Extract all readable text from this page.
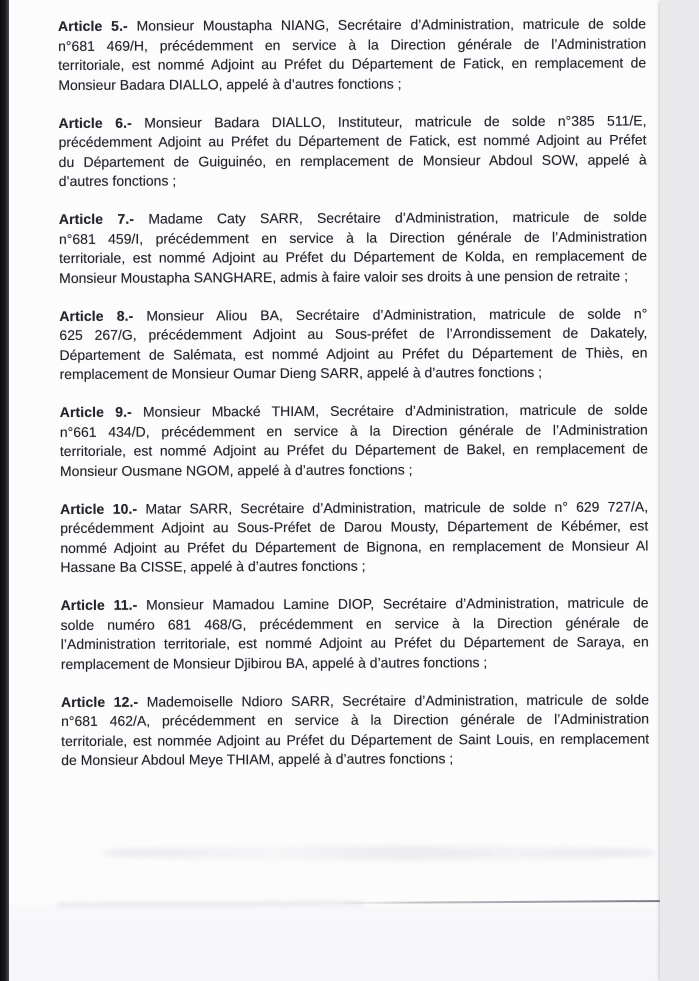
Article 5.- Monsieur Moustapha NIANG, Secrétaire d’Administration, matricule de solde
n°681 469/H, précédemment en service à la Direction générale de l’Administration
territoriale, est nommé Adjoint au Préfet du Département de Fatick, en remplacement de
Monsieur Badara DIALLO, appelé à d’autres fonctions ;

Article 6.- Monsieur Badara DIALLO, Instituteur, matricule de solde n°385 511/E,
précédemment Adjoint au Préfet du Département de Fatick, est nommé Adjoint au Préfet
du Département de Guiguinéo, en remplacement de Monsieur Abdoul SOW, appelé à
d’autres fonctions ;

Article 7.- Madame Caty SARR, Secrétaire d’Administration, matricule de solde
n°681 459/I, précédemment en service à la Direction générale de l’Administration
territoriale, est nommé Adjoint au Préfet du Département de Kolda, en remplacement de
Monsieur Moustapha SANGHARE, admis à faire valoir ses droits à une pension de retraite ;

Article 8.- Monsieur Aliou BA, Secrétaire d’Administration, matricule de solde n°
625 267/G, précédemment Adjoint au Sous-préfet de l’Arrondissement de Dakately,
Département de Salémata, est nommé Adjoint au Préfet du Département de Thiès, en
remplacement de Monsieur Oumar Dieng SARR, appelé à d’autres fonctions ;

Article 9.- Monsieur Mbacké THIAM, Secrétaire d’Administration, matricule de solde
n°661 434/D, précédemment en service à la Direction générale de l’Administration
territoriale, est nommé Adjoint au Préfet du Département de Bakel, en remplacement de
Monsieur Ousmane NGOM, appelé à d’autres fonctions ;

Article 10.- Matar SARR, Secrétaire d’Administration, matricule de solde n° 629 727/A,
précédemment Adjoint au Sous-Préfet de Darou Mousty, Département de Kébémer, est
nommé Adjoint au Préfet du Département de Bignona, en remplacement de Monsieur Al
Hassane Ba CISSE, appelé à d’autres fonctions ;

Article 11.- Monsieur Mamadou Lamine DIOP, Secrétaire d’Administration, matricule de
solde numéro 681 468/G, précédemment en service à la Direction générale de
l’Administration territoriale, est nommé Adjoint au Préfet du Département de Saraya, en
remplacement de Monsieur Djibirou BA, appelé à d’autres fonctions ;

Article 12.- Mademoiselle Ndioro SARR, Secrétaire d’Administration, matricule de solde
n°681 462/A, précédemment en service à la Direction générale de l’Administration
territoriale, est nommée Adjoint au Préfet du Département de Saint Louis, en remplacement
de Monsieur Abdoul Meye THIAM, appelé à d’autres fonctions ;
